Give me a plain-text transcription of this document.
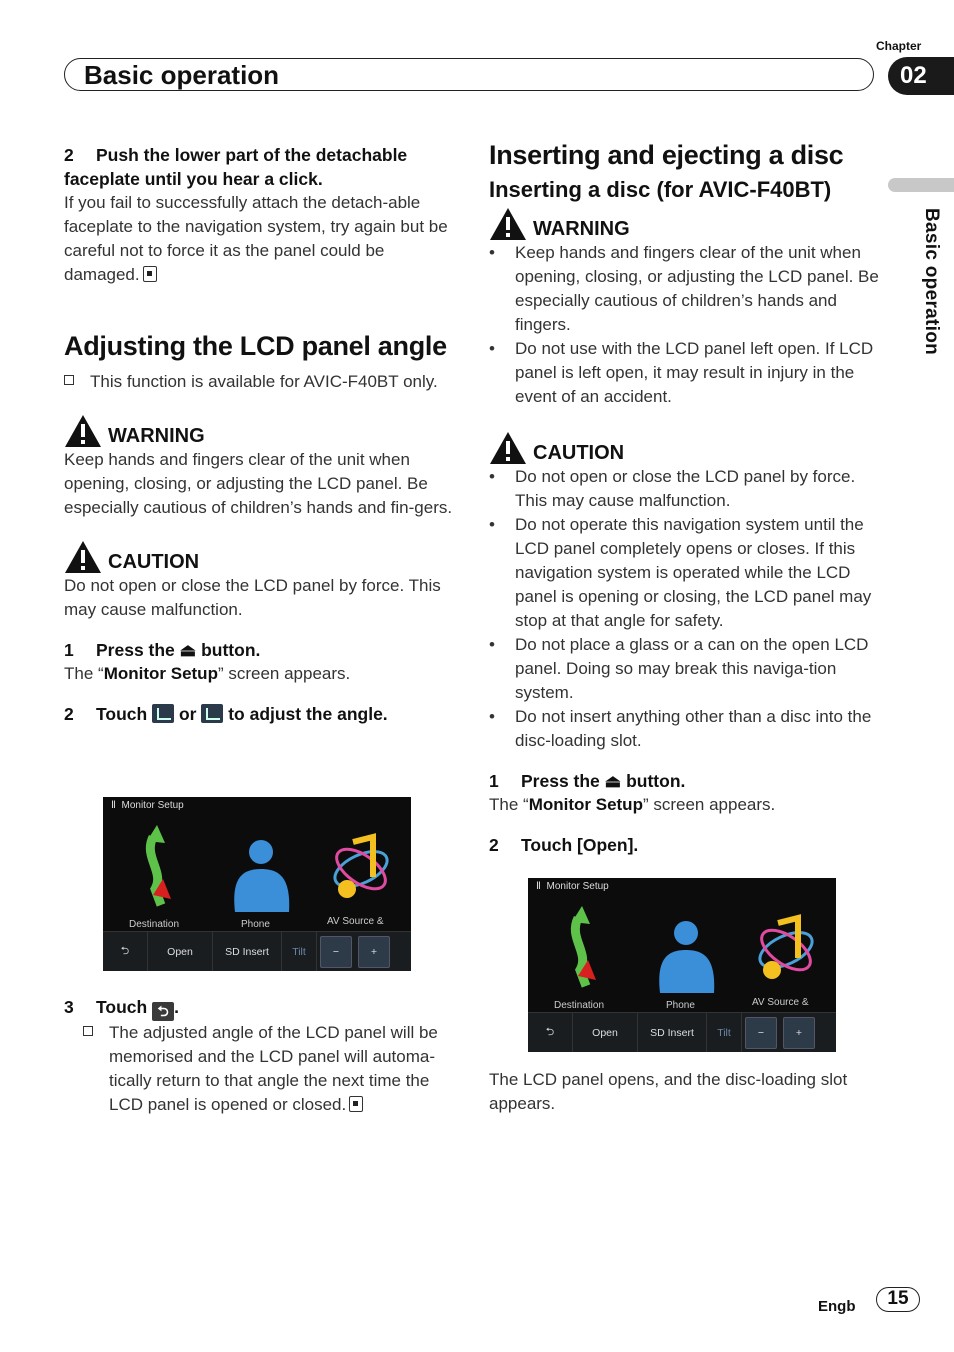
Basic operation
Chapter
02
Basic operation
2 Push the lower part of the detachable faceplate until you hear a click.
If you fail to successfully attach the detach-able faceplate to the navigation system, try again but be careful not to force it as the panel could be damaged.
Adjusting the LCD panel angle
This function is available for AVIC-F40BT only.
WARNING
Keep hands and fingers clear of the unit when opening, closing, or adjusting the LCD panel. Be especially cautious of children’s hands and fin-gers.
CAUTION
Do not open or close the LCD panel by force. This may cause malfunction.
1 Press the ⏏ button.
The “Monitor Setup” screen appears.
2 Touch or to adjust the angle.
Ⅱ  Monitor Setup
Destination	Phone	AV Source &
⮌	Open	SD Insert	Tilt	−	+
3 Touch ⮌ .
The adjusted angle of the LCD panel will be memorised and the LCD panel will automa-tically return to that angle the next time the LCD panel is opened or closed.
Inserting and ejecting a disc
Inserting a disc (for AVIC-F40BT)
WARNING
• Keep hands and fingers clear of the unit when opening, closing, or adjusting the LCD panel. Be especially cautious of children’s hands and fingers.
• Do not use with the LCD panel left open. If LCD panel is left open, it may result in injury in the event of an accident.
CAUTION
• Do not open or close the LCD panel by force. This may cause malfunction.
• Do not operate this navigation system until the LCD panel completely opens or closes. If this navigation system is operated while the LCD panel is opening or closing, the LCD panel may stop at that angle for safety.
• Do not place a glass or a can on the open LCD panel. Doing so may break this naviga-tion system.
• Do not insert anything other than a disc into the disc-loading slot.
1 Press the ⏏ button.
The “Monitor Setup” screen appears.
2 Touch [Open].
Ⅱ  Monitor Setup
Destination	Phone	AV Source &
⮌	Open	SD Insert	Tilt	−	+
The LCD panel opens, and the disc-loading slot appears.
Engb	15
